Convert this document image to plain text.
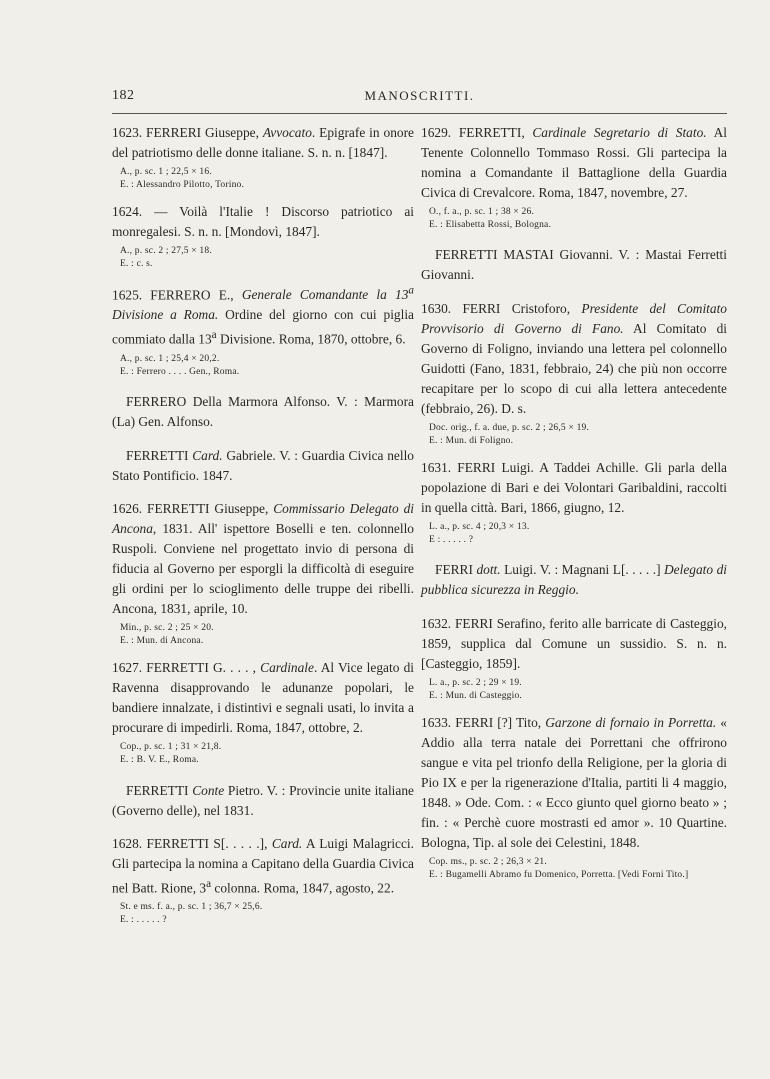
182	MANOSCRITTI.

1623. FERRERI Giuseppe, Avvocato. Epigrafe in onore del patriotismo delle donne italiane. S. n. n. [1847].

A., p. sc. 1 ; 22,5 × 16.
E. : Alessandro Pilotto, Torino.

1624. — Voilà l'Italie ! Discorso patriotico ai monregalesi. S. n. n. [Mondovì, 1847].

A., p. sc. 2 ; 27,5 × 18.
E. : c. s.

1625. FERRERO E., Generale Comandante la 13$^a$ Divisione a Roma. Ordine del giorno con cui piglia commiato dalla 13$^a$ Divisione. Roma, 1870, ottobre, 6.

A., p. sc. 1 ; 25,4 × 20,2.
E. : Ferrero . . . . Gen., Roma.

FERRERO Della Marmora Alfonso. V. : Marmora (La) Gen. Alfonso.

FERRETTI Card. Gabriele. V. : Guardia Civica nello Stato Pontificio. 1847.

1626. FERRETTI Giuseppe, Commissario Delegato di Ancona, 1831. All' ispettore Boselli e ten. colonnello Ruspoli. Conviene nel progettato invio di persona di fiducia al Governo per esporgli la difficoltà di eseguire gli ordini per lo scioglimento delle truppe dei ribelli. Ancona, 1831, aprile, 10.

Min., p. sc. 2 ; 25 × 20.
E. : Mun. di Ancona.

1627. FERRETTI G. . . . , Cardinale. Al Vice legato di Ravenna disapprovando le adunanze popolari, le bandiere innalzate, i distintivi e segnali usati, lo invita a procurare di impedirli. Roma, 1847, ottobre, 2.

Cop., p. sc. 1 ; 31 × 21,8.
E. : B. V. E., Roma.

FERRETTI Conte Pietro. V. : Provincie unite italiane (Governo delle), nel 1831.

1628. FERRETTI S[. . . . .], Card. A Luigi Malagricci. Gli partecipa la nomina a Capitano della Guardia Civica nel Batt. Rione, 3$^a$ colonna. Roma, 1847, agosto, 22.

St. e ms. f. a., p. sc. 1 ; 36,7 × 25,6.
E. : . . . . . ?

1629. FERRETTI, Cardinale Segretario di Stato. Al Tenente Colonnello Tommaso Rossi. Gli partecipa la nomina a Comandante il Battaglione della Guardia Civica di Crevalcore. Roma, 1847, novembre, 27.

O., f. a., p. sc. 1 ; 38 × 26.
E. : Elisabetta Rossi, Bologna.

FERRETTI MASTAI Giovanni. V. : Mastai Ferretti Giovanni.

1630. FERRI Cristoforo, Presidente del Comitato Provvisorio di Governo di Fano. Al Comitato di Governo di Foligno, inviando una lettera pel colonnello Guidotti (Fano, 1831, febbraio, 24) che più non occorre recapitare per lo scopo di cui alla lettera antecedente (febbraio, 26). D. s.

Doc. orig., f. a. due, p. sc. 2 ; 26,5 × 19.
E. : Mun. di Foligno.

1631. FERRI Luigi. A Taddei Achille. Gli parla della popolazione di Bari e dei Volontari Garibaldini, raccolti in quella città. Bari, 1866, giugno, 12.

L. a., p. sc. 4 ; 20,3 × 13.
E : . . . . . ?

FERRI dott. Luigi. V. : Magnani L[. . . . .] Delegato di pubblica sicurezza in Reggio.

1632. FERRI Serafino, ferito alle barricate di Casteggio, 1859, supplica dal Comune un sussidio. S. n. n. [Casteggio, 1859].

L. a., p. sc. 2 ; 29 × 19.
E. : Mun. di Casteggio.

1633. FERRI [?] Tito, Garzone di fornaio in Porretta. « Addio alla terra natale dei Porrettani che offrirono sangue e vita pel trionfo della Religione, per la gloria di Pio IX e per la rigenerazione d'Italia, partiti li 4 maggio, 1848. » Ode. Com. : « Ecco giunto quel giorno beato » ; fin. : « Perchè cuore mostrasti ed amor ». 10 Quartine. Bologna, Tip. al sole dei Celestini, 1848.

Cop. ms., p. sc. 2 ; 26,3 × 21.
E. : Bugamelli Abramo fu Domenico, Porretta. [Vedi Forni Tito.]
